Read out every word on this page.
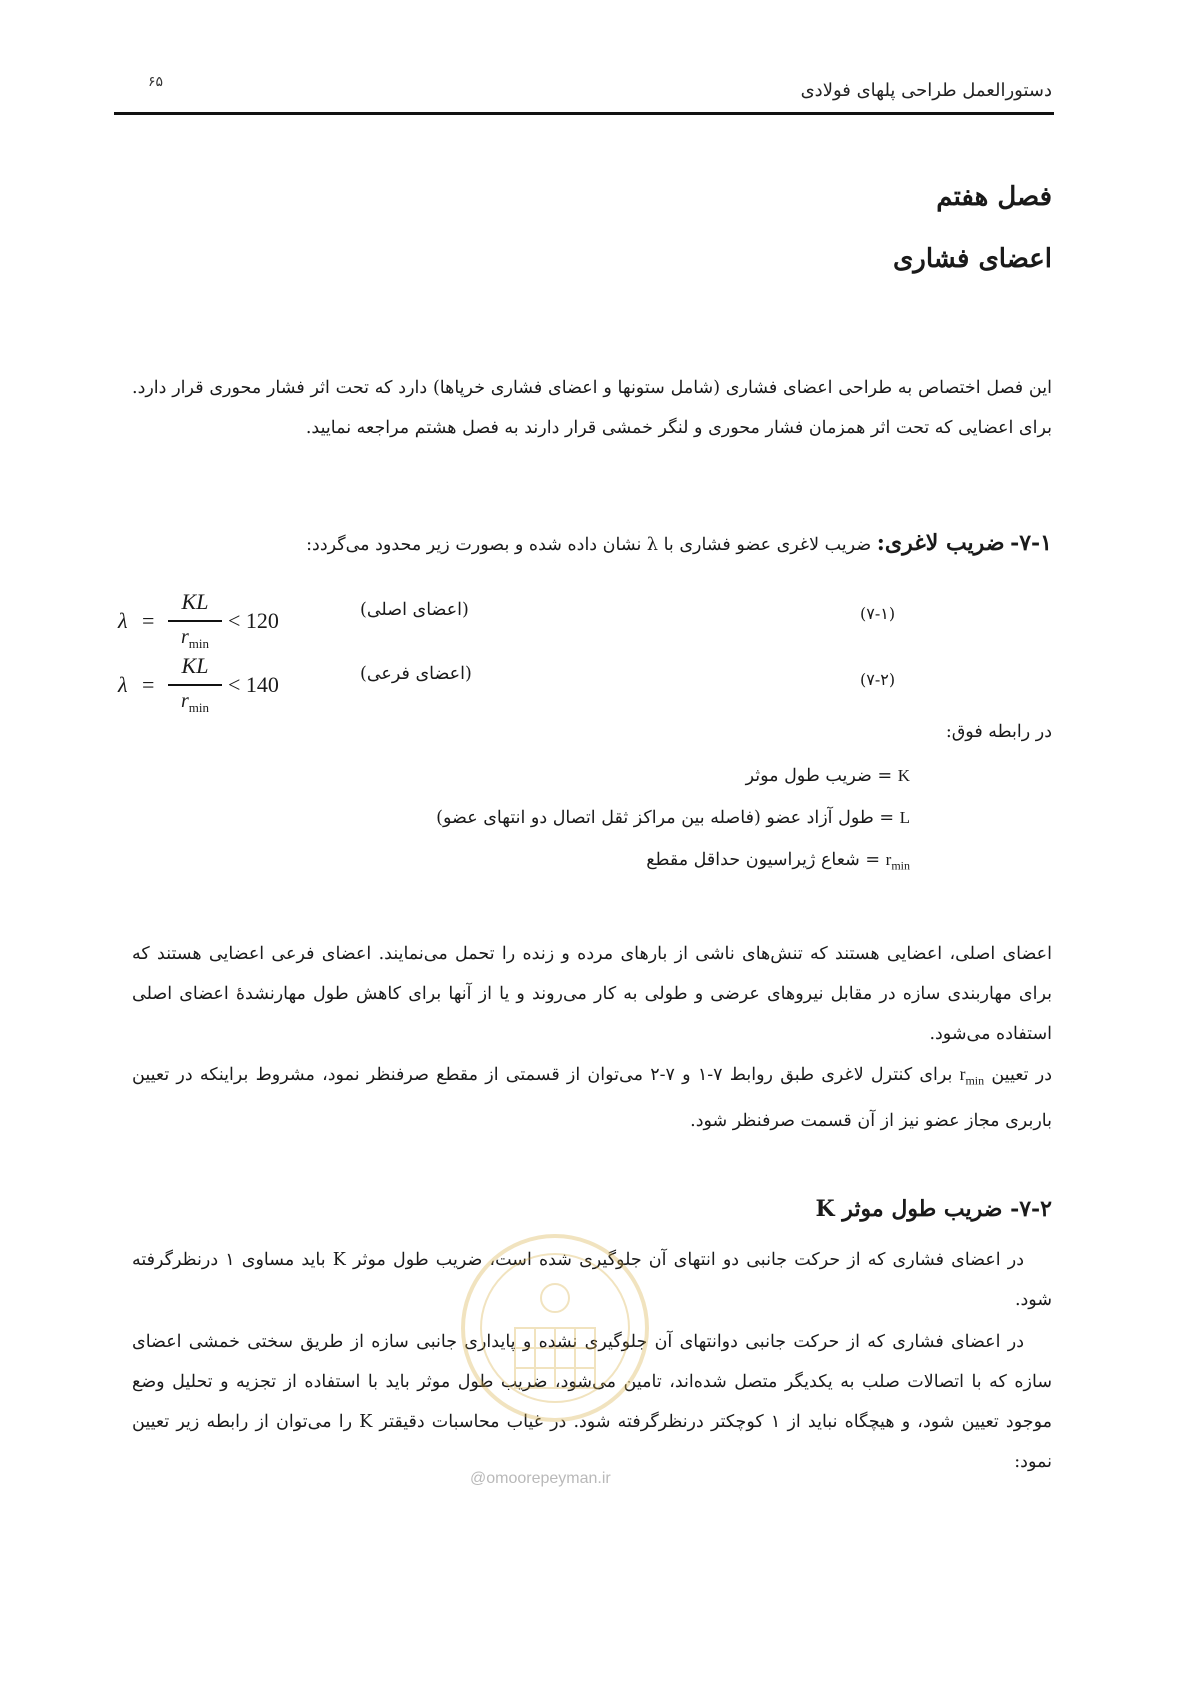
۶۵	دستورالعمل طراحی پلهای فولادی
فصل هفتم
اعضای فشاری
این فصل اختصاص به طراحی اعضای فشاری (شامل ستونها و اعضای فشاری خرپاها) دارد که تحت اثر فشار محوری قرار دارد. برای اعضایی که تحت اثر همزمان فشار محوری و لنگر خمشی قرار دارند به فصل هشتم مراجعه نمایید.
۷-۱- ضریب لاغری: ضریب لاغری عضو فشاری با λ نشان داده شده و بصورت زیر محدود می‌گردد:
λ =
KL
$r_{min}$
< 120	(اعضای اصلی)	(۷-۱)
λ =
KL
$r_{min}$
< 140	(اعضای فرعی)	(۷-۲)
در رابطه فوق:
K = ضریب طول موثر
L = طول آزاد عضو (فاصله بین مراکز ثقل اتصال دو انتهای عضو)
$r_{min}$ = شعاع ژیراسیون حداقل مقطع
اعضای اصلی، اعضایی هستند که تنش‌های ناشی از بارهای مرده و زنده را تحمل می‌نمایند. اعضای فرعی اعضایی هستند که برای مهاربندی سازه در مقابل نیروهای عرضی و طولی به کار می‌روند و یا از آنها برای کاهش طول مهارنشدۀ اعضای اصلی استفاده می‌شود.
در تعیین $r_{min}$ برای کنترل لاغری طبق روابط ۷-۱ و ۷-۲ می‌توان از قسمتی از مقطع صرفنظر نمود، مشروط براینکه در تعیین باربری مجاز عضو نیز از آن قسمت صرفنظر شود.
۷-۲- ضریب طول موثر K
در اعضای فشاری که از حرکت جانبی دو انتهای آن جلوگیری شده است، ضریب طول موثر K باید مساوی ۱ درنظرگرفته شود.
در اعضای فشاری که از حرکت جانبی دوانتهای آن جلوگیری نشده و پایداری جانبی سازه از طریق سختی خمشی اعضای سازه که با اتصالات صلب به یکدیگر متصل شده‌اند، تامین می‌شود، ضریب طول موثر باید با استفاده از تجزیه و تحلیل وضع موجود تعیین شود، و هیچگاه نباید از ۱ کوچکتر درنظرگرفته شود. در غیاب محاسبات دقیقتر K را می‌توان از رابطه زیر تعیین نمود:
@omoorepeyman.ir
